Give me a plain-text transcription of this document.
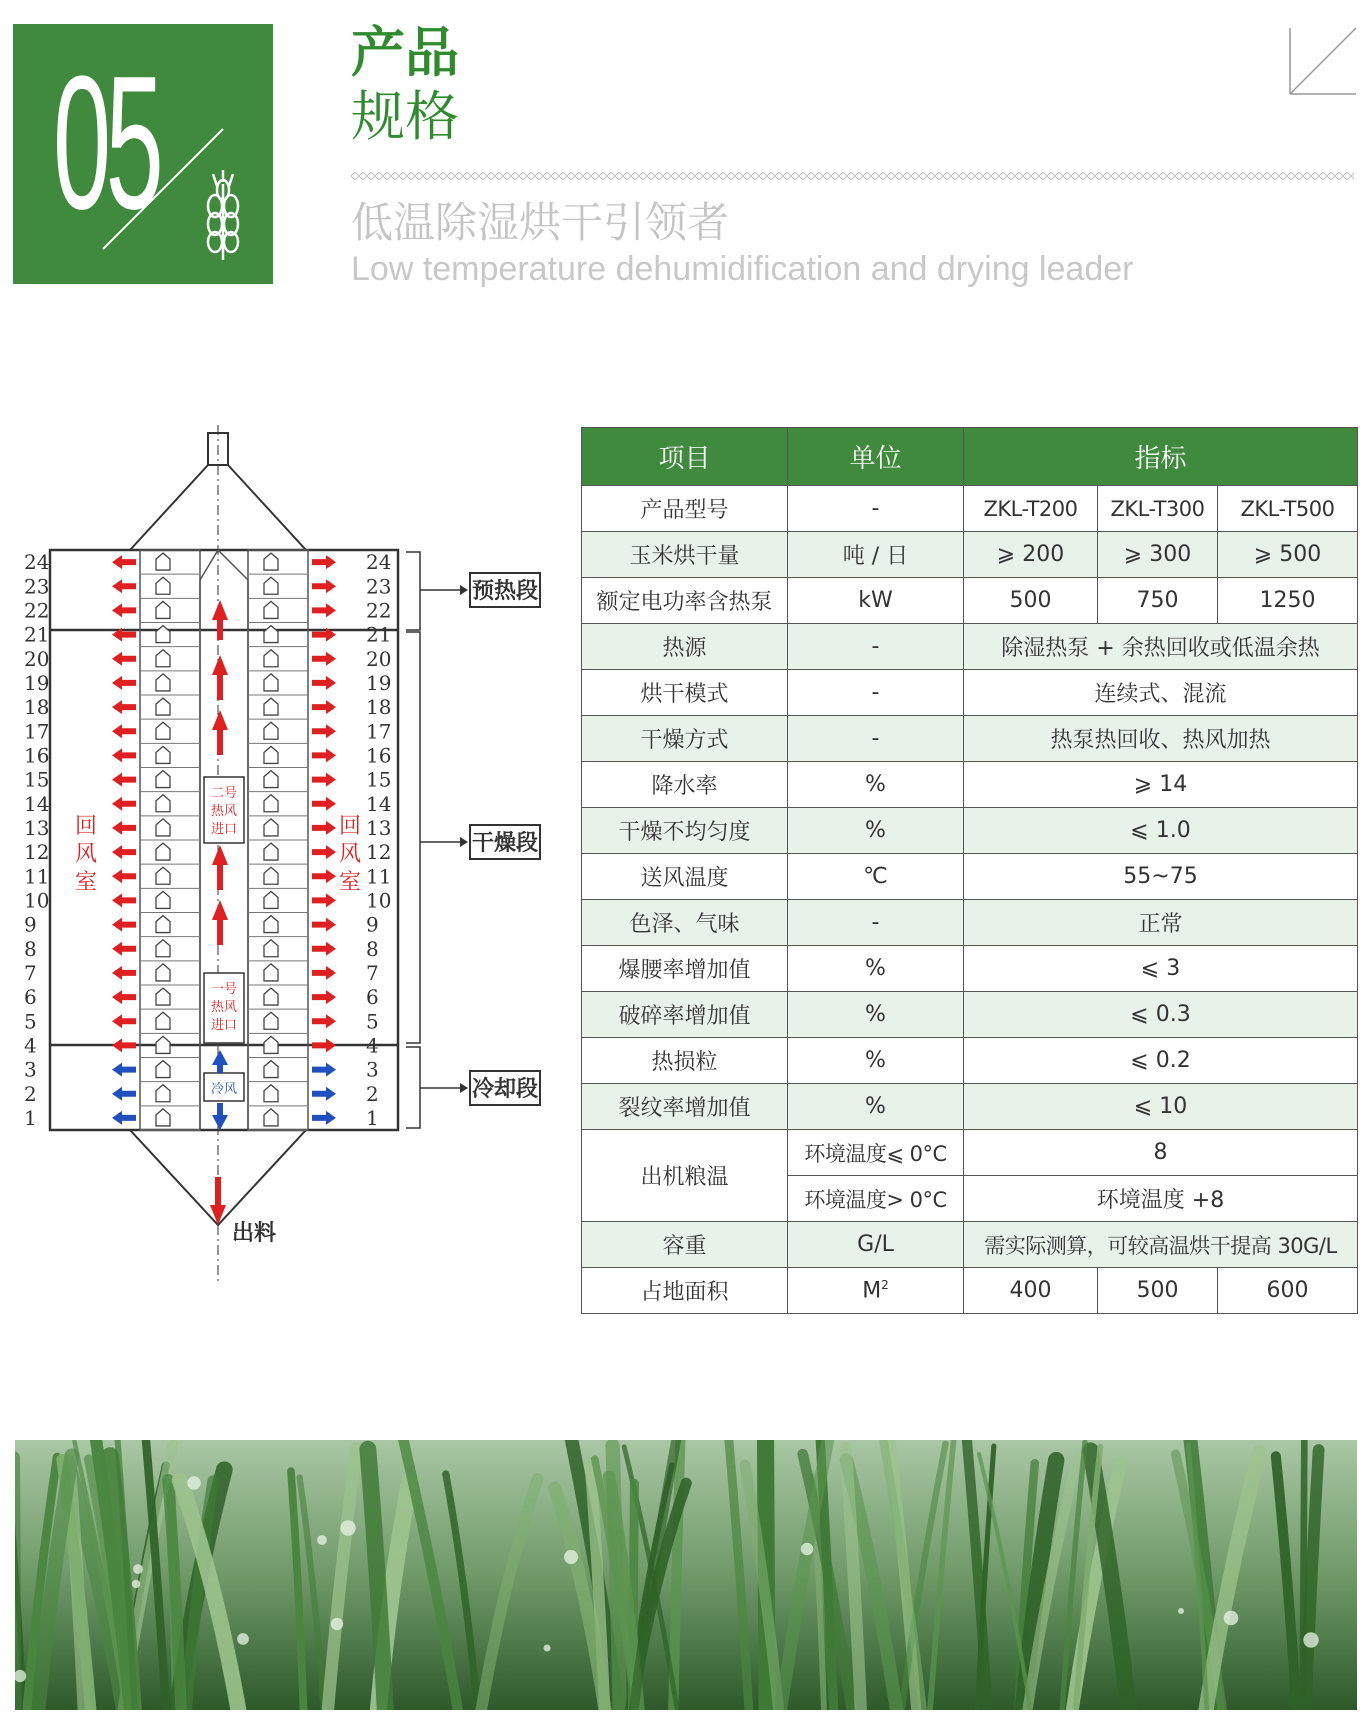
05	产品
规格
低温除湿烘干引领者
Low temperature dehumidification and drying leader
预热段
干燥段
冷却段
回
风
室
回
风
室
二号
热风
进口
一号
热风
进口
冷风
出料
24	24
23	23
22	22
21	21
20	20
19	19
18	18
17	17
16	16
15	15
14	14
13	13
12	12
11	11
10	10
9	9
8	8
7	7
6	6
5	5
4	4
3	3
2	2
1	1
项目	单位	指标		
产品型号	-	ZKL-T200	ZKL-T300	ZKL-T500
玉米烘干量	吨 / 日	⩾ 200	⩾ 300	⩾ 500
额定电功率含热泵	kW	500	750	1250
热源	-	除湿热泵 + 余热回收或低温余热		
烘干模式	-	连续式、混流		
干燥方式	-	热泵热回收、热风加热		
降水率	%	⩾ 14		
干燥不均匀度	%	⩽ 1.0		
送风温度	℃	55~75		
色泽、气味	-	正常		
爆腰率增加值	%	⩽ 3		
破碎率增加值	%	⩽ 0.3		
热损粒	%	⩽ 0.2		
裂纹率增加值	%	⩽ 10		
出机粮温	环境温度⩽ 0°C	8		
	环境温度> 0°C	环境温度 +8		
容重	G/L	需实际测算，可较高温烘干提高 30G/L		
占地面积	$M^2$	400	500	600
